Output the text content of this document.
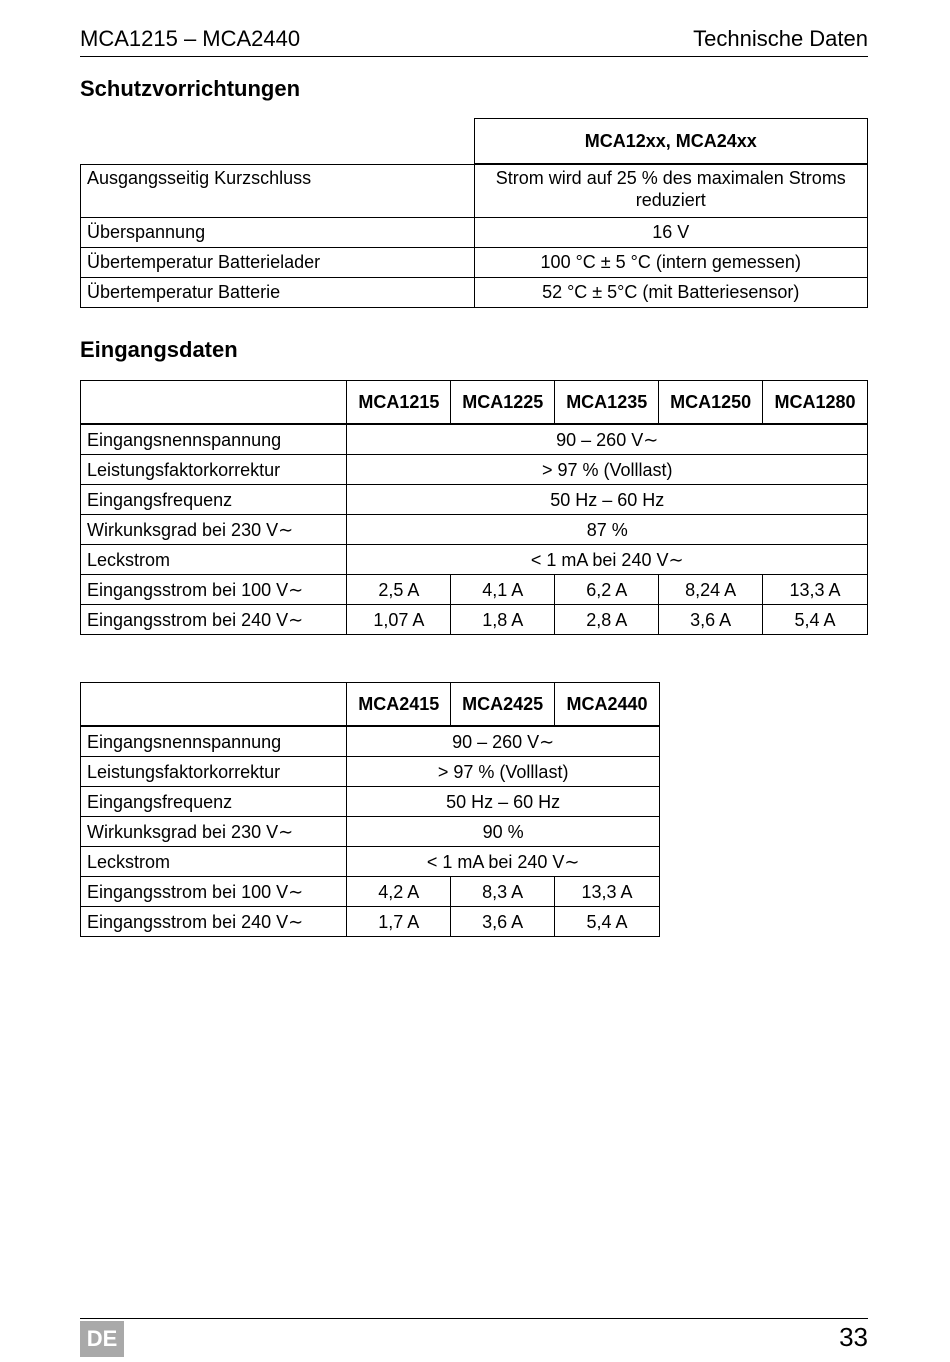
MCA1215 – MCA2440	Technische Daten
Schutzvorrichtungen
	MCA12xx, MCA24xx
Ausgangsseitig Kurzschluss	Strom wird auf 25 % des maximalen Stroms reduziert
Überspannung	16 V
Übertemperatur Batterielader	100 °C ± 5 °C (intern gemessen)
Übertemperatur Batterie	52 °C ± 5°C (mit Batteriesensor)
Eingangsdaten
	MCA1215	MCA1225	MCA1235	MCA1250	MCA1280
Eingangsnennspannung	90 – 260 V∼				
Leistungsfaktorkorrektur	> 97 % (Volllast)				
Eingangsfrequenz	50 Hz – 60 Hz				
Wirkunksgrad bei 230 V∼	87 %				
Leckstrom	< 1 mA bei 240 V∼				
Eingangsstrom bei 100 V∼	2,5 A	4,1 A	6,2 A	8,24 A	13,3 A
Eingangsstrom bei 240 V∼	1,07 A	1,8 A	2,8 A	3,6 A	5,4 A
	MCA2415	MCA2425	MCA2440
Eingangsnennspannung	90 – 260 V∼		
Leistungsfaktorkorrektur	> 97 % (Volllast)		
Eingangsfrequenz	50 Hz – 60 Hz		
Wirkunksgrad bei 230 V∼	90 %		
Leckstrom	< 1 mA bei 240 V∼		
Eingangsstrom bei 100 V∼	4,2 A	8,3 A	13,3 A
Eingangsstrom bei 240 V∼	1,7 A	3,6 A	5,4 A
DE	33
